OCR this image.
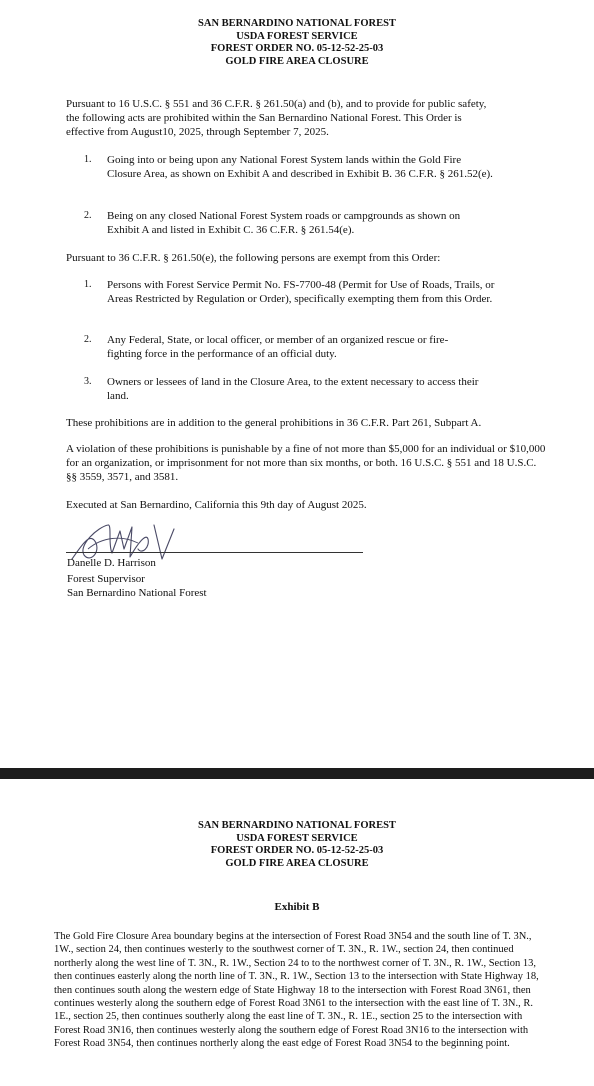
SAN BERNARDINO NATIONAL FOREST
USDA FOREST SERVICE
FOREST ORDER NO. 05-12-52-25-03
GOLD FIRE AREA CLOSURE

Pursuant to 16 U.S.C. § 551 and 36 C.F.R. § 261.50(a) and (b), and to provide for public safety, the following acts are prohibited within the San Bernardino National Forest. This Order is effective from August10, 2025, through September 7, 2025.

1. Going into or being upon any National Forest System lands within the Gold Fire Closure Area, as shown on Exhibit A and described in Exhibit B. 36 C.F.R. § 261.52(e).
2. Being on any closed National Forest System roads or campgrounds as shown on Exhibit A and listed in Exhibit C. 36 C.F.R. § 261.54(e).

Pursuant to 36 C.F.R. § 261.50(e), the following persons are exempt from this Order:

1. Persons with Forest Service Permit No. FS-7700-48 (Permit for Use of Roads, Trails, or Areas Restricted by Regulation or Order), specifically exempting them from this Order.
2. Any Federal, State, or local officer, or member of an organized rescue or fire-fighting force in the performance of an official duty.
3. Owners or lessees of land in the Closure Area, to the extent necessary to access their land.

These prohibitions are in addition to the general prohibitions in 36 C.F.R. Part 261, Subpart A.

A violation of these prohibitions is punishable by a fine of not more than $5,000 for an individual or $10,000 for an organization, or imprisonment for not more than six months, or both. 16 U.S.C. § 551 and 18 U.S.C. §§ 3559, 3571, and 3581.

Executed at San Bernardino, California this 9th day of August 2025.

Danelle D. Harrison
Forest Supervisor
San Bernardino National Forest
SAN BERNARDINO NATIONAL FOREST
USDA FOREST SERVICE
FOREST ORDER NO. 05-12-52-25-03
GOLD FIRE AREA CLOSURE
Exhibit B

The Gold Fire Closure Area boundary begins at the intersection of Forest Road 3N54 and the south line of T. 3N., 1W., section 24, then continues westerly to the southwest corner of T. 3N., R. 1W., section 24, then continued northerly along the west line of T. 3N., R. 1W., Section 24 to to the northwest corner of T. 3N., R. 1W., Section 13, then continues easterly along the north line of T. 3N., R. 1W., Section 13 to the intersection with State Highway 18, then continues south along the western edge of State Highway 18 to the intersection with Forest Road 3N61, then continues westerly along the southern edge of Forest Road 3N61 to the intersection with the east line of T. 3N., R. 1E., section 25, then continues southerly along the east line of T. 3N., R. 1E., section 25 to the intersection with Forest Road 3N16, then continues westerly along the southern edge of Forest Road 3N16 to the intersection with Forest Road 3N54, then continues northerly along the east edge of Forest Road 3N54 to the beginning point.
